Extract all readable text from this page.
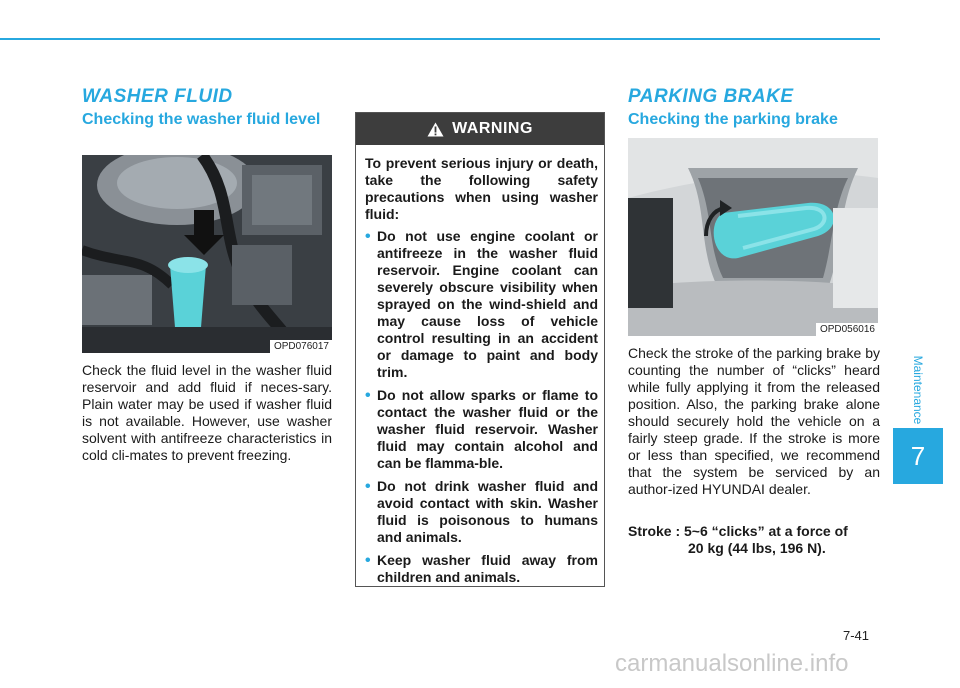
WASHER FLUID
Checking the washer fluid level
OPD076017

Check the fluid level in the washer fluid reservoir and add fluid if neces-sary. Plain water may be used if washer fluid is not available. However, use washer solvent with antifreeze characteristics in cold cli-mates to prevent freezing.

WARNING

To prevent serious injury or death, take the following safety precautions when using washer fluid:

• Do not use engine coolant or antifreeze in the washer fluid reservoir. Engine coolant can severely obscure visibility when sprayed on the wind-shield and may cause loss of vehicle control resulting in an accident or damage to paint and body trim.
• Do not allow sparks or flame to contact the washer fluid or the washer fluid reservoir. Washer fluid may contain alcohol and can be flamma-ble.
• Do not drink washer fluid and avoid contact with skin. Washer fluid is poisonous to humans and animals.
• Keep washer fluid away from children and animals.
PARKING BRAKE
Checking the parking brake
OPD056016

Check the stroke of the parking brake by counting the number of “clicks” heard while fully applying it from the released position. Also, the parking brake alone should securely hold the vehicle on a fairly steep grade. If the stroke is more or less than specified, we recommend that the system be serviced by an author-ized HYUNDAI dealer.

Stroke :
5~6 “clicks” at a force of
20 kg (44 lbs, 196 N).
Maintenance
7
7-41
carmanualsonline.info
